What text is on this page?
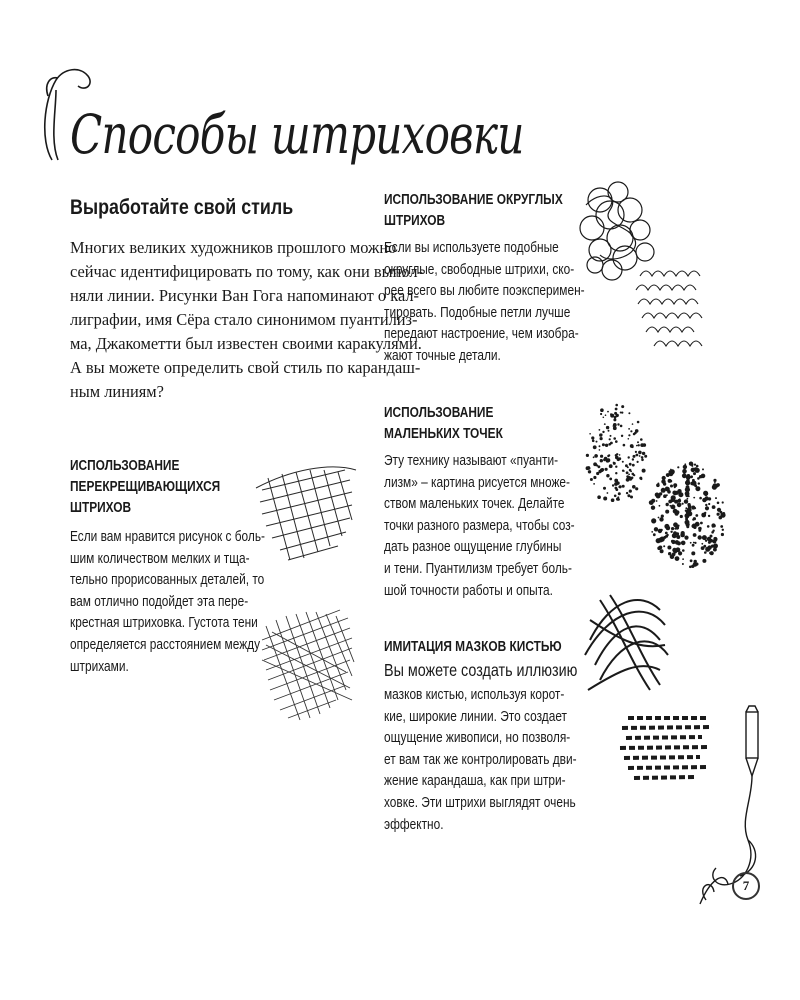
Способы штриховки
Выработайте свой стиль
Многих великих художников прошлого можно
сейчас идентифицировать по тому, как они выпол-
няли линии. Рисунки Ван Гога напоминают о кал-
лиграфии, имя Сёра стало синонимом пуантилиз-
ма, Джакометти был известен своими каракулями.
А вы можете определить свой стиль по карандаш-
ным линиям?
ИСПОЛЬЗОВАНИЕ
ПЕРЕКРЕЩИВАЮЩИХСЯ
ШТРИХОВ
Если вам нравится рисунок с боль-
шим количеством мелких и тща-
тельно прорисованных деталей, то
вам отлично подойдет эта пере-
крестная штриховка. Густота тени
определяется расстоянием между
штрихами.
ИСПОЛЬЗОВАНИЕ ОКРУГЛЫХ
ШТРИХОВ
Если вы используете подобные
округлые, свободные штрихи, ско-
рее всего вы любите поэксперимен-
тировать. Подобные петли лучше
передают настроение, чем изобра-
жают точные детали.
ИСПОЛЬЗОВАНИЕ
МАЛЕНЬКИХ ТОЧЕК
Эту технику называют «пуанти-
лизм» – картина рисуется множе-
ством маленьких точек. Делайте
точки разного размера, чтобы соз-
дать разное ощущение глубины
и тени. Пуантилизм требует боль-
шой точности работы и опыта.
ИМИТАЦИЯ МАЗКОВ КИСТЬЮ
Вы можете создать иллюзию
мазков кистью, используя корот-
кие, широкие линии. Это создает
ощущение живописи, но позволя-
ет вам так же контролировать дви-
жение карандаша, как при штри-
ховке. Эти штрихи выглядят очень
эффектно.
7
